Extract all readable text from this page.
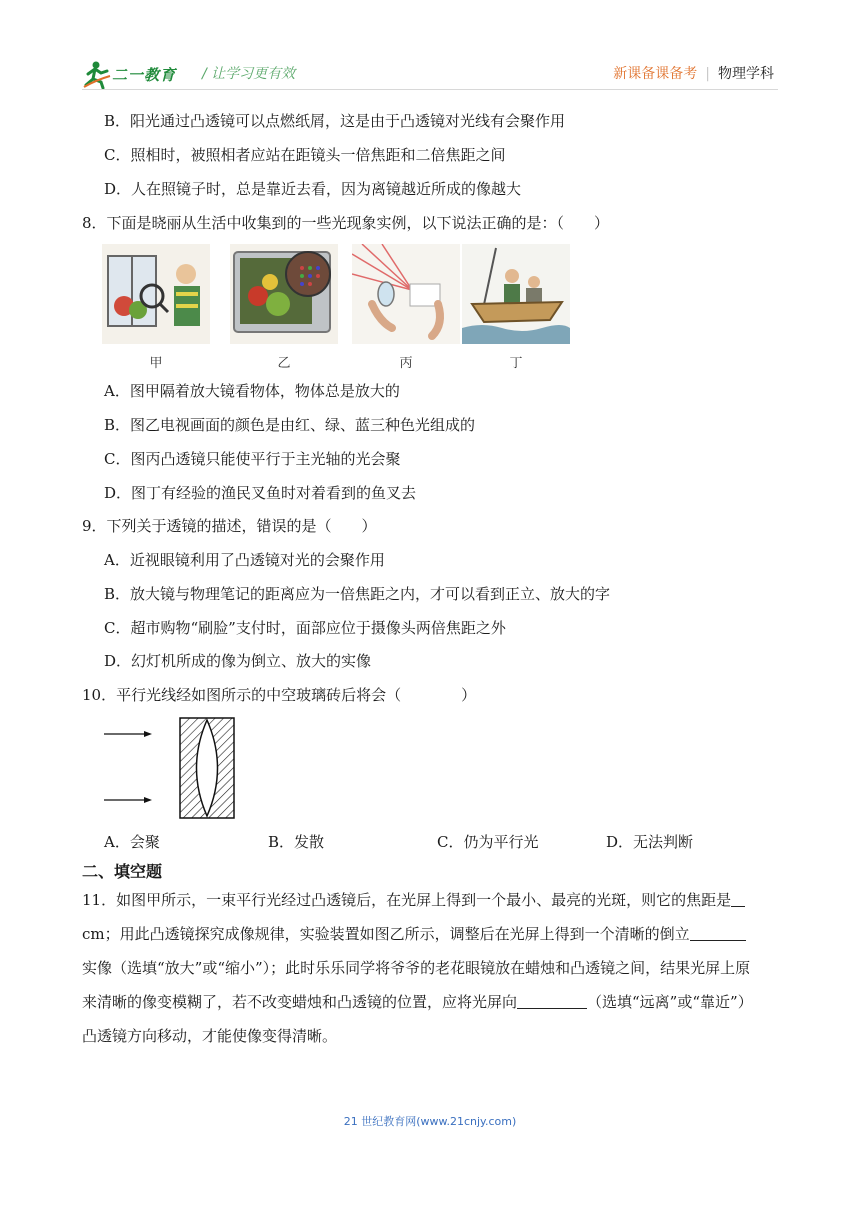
二一教育 / 让学习更有效	新课备课备考 | 物理学科
B．阳光通过凸透镜可以点燃纸屑，这是由于凸透镜对光线有会聚作用
C．照相时，被照相者应站在距镜头一倍焦距和二倍焦距之间
D．人在照镜子时，总是靠近去看，因为离镜越近所成的像越大
8．下面是晓丽从生活中收集到的一些光现象实例，以下说法正确的是：（　　）
甲	乙	丙	丁
A．图甲隔着放大镜看物体，物体总是放大的
B．图乙电视画面的颜色是由红、绿、蓝三种色光组成的
C．图丙凸透镜只能使平行于主光轴的光会聚
D．图丁有经验的渔民叉鱼时对着看到的鱼叉去
9．下列关于透镜的描述，错误的是（　　）
A．近视眼镜利用了凸透镜对光的会聚作用
B．放大镜与物理笔记的距离应为一倍焦距之内，才可以看到正立、放大的字
C．超市购物“刷脸”支付时，面部应位于摄像头两倍焦距之外
D．幻灯机所成的像为倒立、放大的实像
10．平行光线经如图所示的中空玻璃砖后将会（　　　　）
A．会聚	B．发散	C．仍为平行光	D．无法判断
二、填空题
11．如图甲所示，一束平行光经过凸透镜后，在光屏上得到一个最小、最亮的光斑，则它的焦距是
cm；用此凸透镜探究成像规律，实验装置如图乙所示，调整后在光屏上得到一个清晰的倒立
实像（选填“放大”或“缩小”）；此时乐乐同学将爷爷的老花眼镜放在蜡烛和凸透镜之间，结果光屏上原
来清晰的像变模糊了，若不改变蜡烛和凸透镜的位置，应将光屏向	（选填“远离”或“靠近”）
凸透镜方向移动，才能使像变得清晰。
21 世纪教育网(www.21cnjy.com)
